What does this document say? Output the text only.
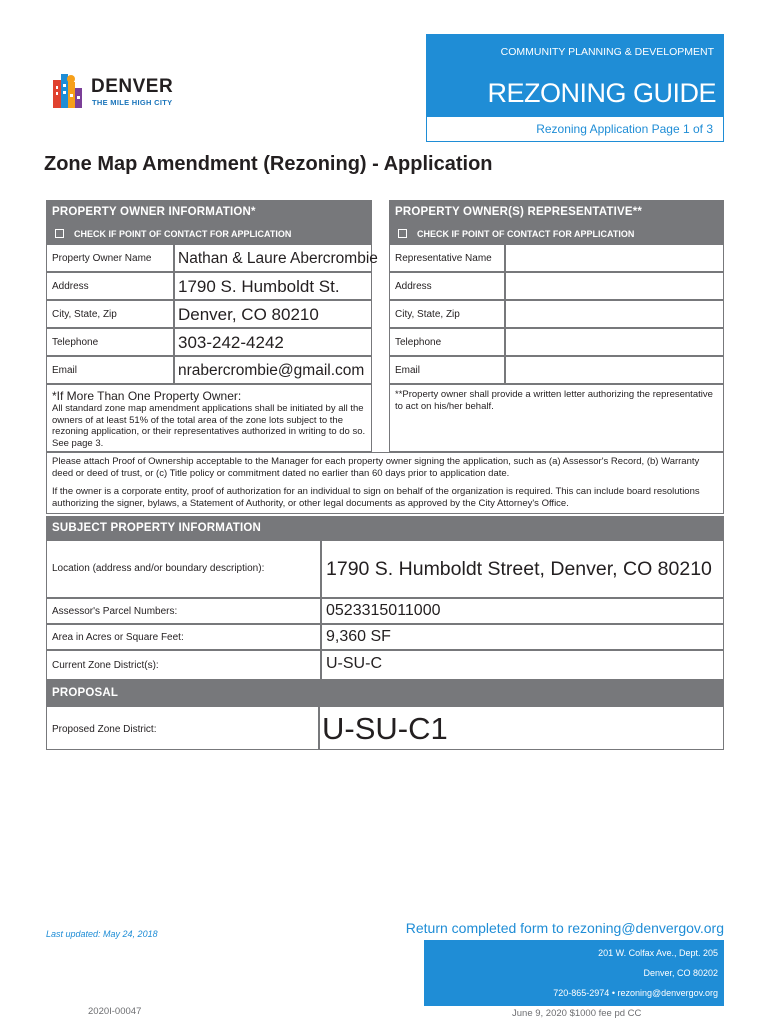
DENVER
THE MILE HIGH CITY
COMMUNITY PLANNING & DEVELOPMENT
REZONING GUIDE
Rezoning Application Page 1 of 3
Zone Map Amendment (Rezoning) - Application
PROPERTY OWNER INFORMATION*
CHECK IF POINT OF CONTACT FOR APPLICATION
PROPERTY OWNER(S) REPRESENTATIVE**
CHECK IF POINT OF CONTACT FOR APPLICATION
Property Owner Name Nathan & Laure Abercrombie
Address	1790 S. Humboldt St.
City, State, Zip	Denver, CO 80210
Telephone	303-242-4242
Email	nrabercrombie@gmail.com
*If More Than One Property Owner:
All standard zone map amendment applications shall be initiated by all the owners of at least 51% of the total area of the zone lots subject to the rezoning application, or their representatives authorized in writing to do so. See page 3.
Representative Name
Address
City, State, Zip
Telephone
Email
**Property owner shall provide a written letter authorizing the representative to act on his/her behalf.
Please attach Proof of Ownership acceptable to the Manager for each property owner signing the application, such as (a) Assessor's Record, (b) Warranty deed or deed of trust, or (c) Title policy or commitment dated no earlier than 60 days prior to application date.
If the owner is a corporate entity, proof of authorization for an individual to sign on behalf of the organization is required. This can include board resolutions authorizing the signer, bylaws, a Statement of Authority, or other legal documents as approved by the City Attorney's Office.
SUBJECT PROPERTY INFORMATION
Location (address and/or boundary description):	1790 S. Humboldt Street, Denver, CO 80210
Assessor's Parcel Numbers:	0523315011000
Area in Acres or Square Feet:	9,360 SF
Current Zone District(s):	U-SU-C
PROPOSAL
Proposed Zone District:	U-SU-C1
Last updated: May 24, 2018	Return completed form to rezoning@denvergov.org
201 W. Colfax Ave., Dept. 205
Denver, CO 80202
720-865-2974 • rezoning@denvergov.org
2020I-00047	June 9, 2020 $1000 fee pd CC
